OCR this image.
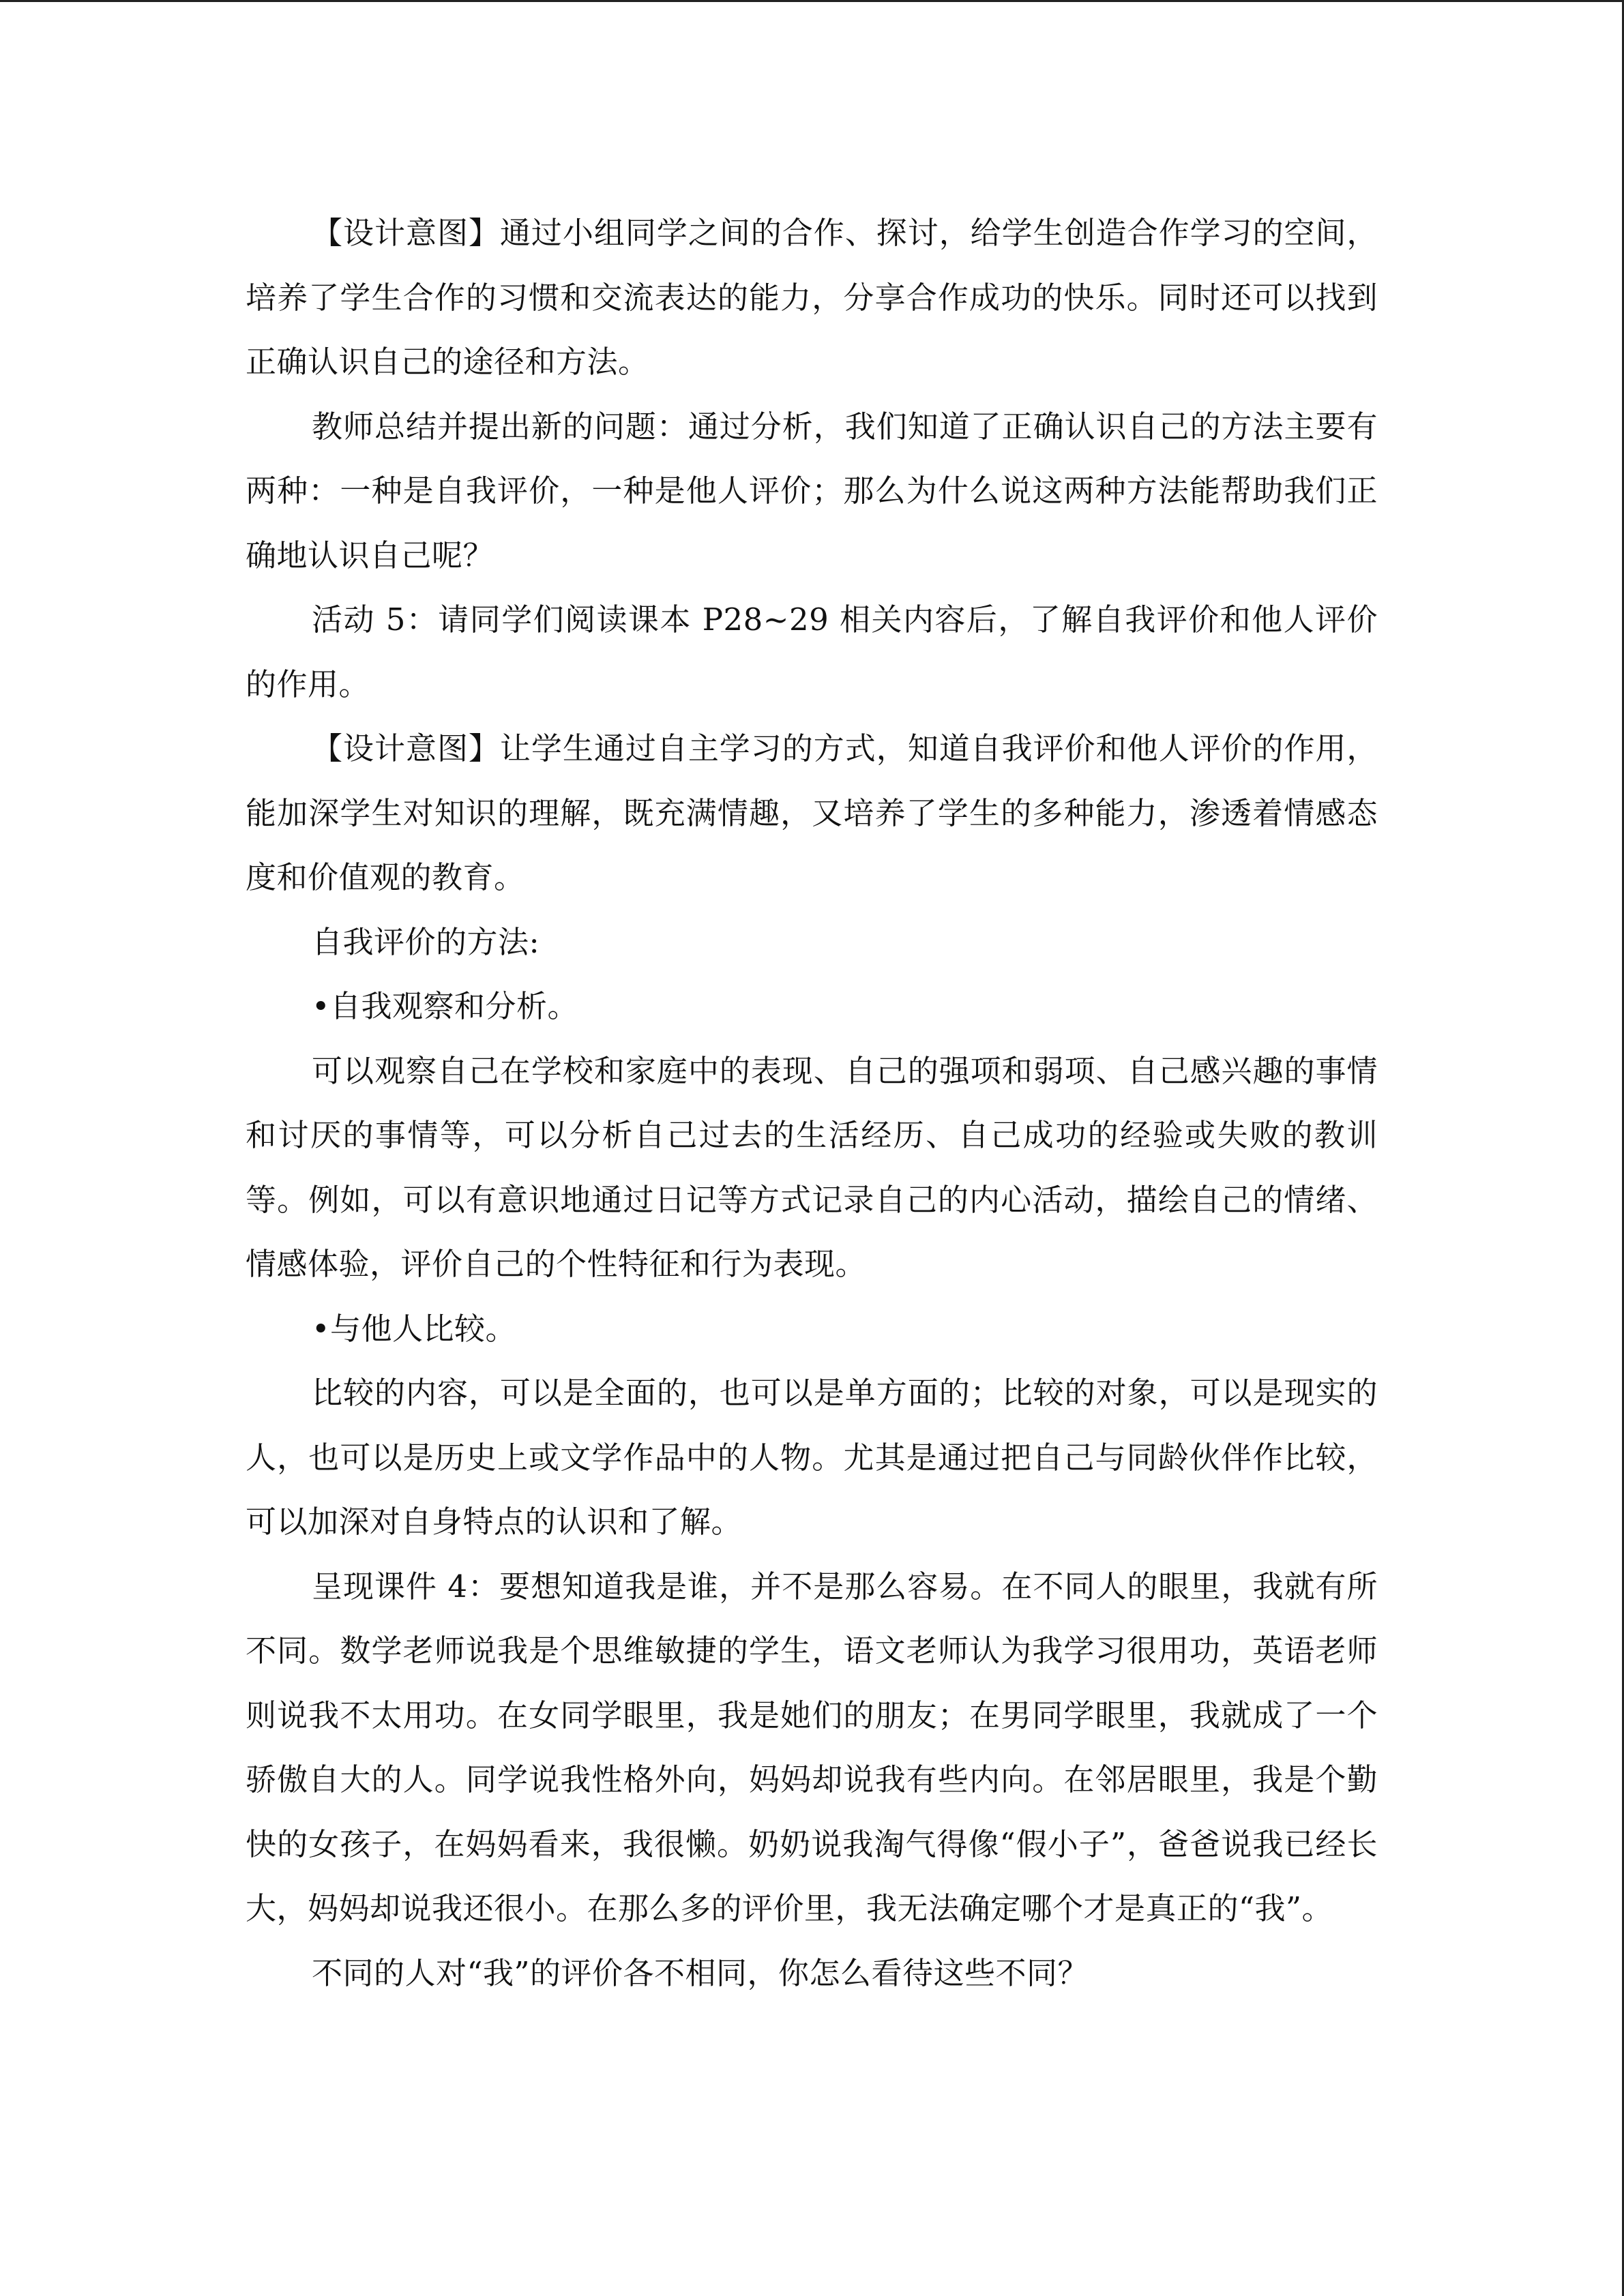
【设计意图】通过小组同学之间的合作、探讨，给学生创造合作学习的空间，培养了学生合作的习惯和交流表达的能力，分享合作成功的快乐。同时还可以找到正确认识自己的途径和方法。

教师总结并提出新的问题：通过分析，我们知道了正确认识自己的方法主要有两种：一种是自我评价，一种是他人评价；那么为什么说这两种方法能帮助我们正确地认识自己呢？

活动 5：请同学们阅读课本 P28~29 相关内容后，了解自我评价和他人评价的作用。

【设计意图】让学生通过自主学习的方式，知道自我评价和他人评价的作用，能加深学生对知识的理解，既充满情趣，又培养了学生的多种能力，渗透着情感态度和价值观的教育。

自我评价的方法:

•自我观察和分析。

可以观察自己在学校和家庭中的表现、自己的强项和弱项、自己感兴趣的事情和讨厌的事情等，可以分析自己过去的生活经历、自己成功的经验或失败的教训等。例如，可以有意识地通过日记等方式记录自己的内心活动，描绘自己的情绪、情感体验，评价自己的个性特征和行为表现。

•与他人比较。

比较的内容，可以是全面的，也可以是单方面的；比较的对象，可以是现实的人，也可以是历史上或文学作品中的人物。尤其是通过把自己与同龄伙伴作比较，可以加深对自身特点的认识和了解。

呈现课件 4：要想知道我是谁，并不是那么容易。在不同人的眼里，我就有所不同。数学老师说我是个思维敏捷的学生，语文老师认为我学习很用功，英语老师则说我不太用功。在女同学眼里，我是她们的朋友；在男同学眼里，我就成了一个骄傲自大的人。同学说我性格外向，妈妈却说我有些内向。在邻居眼里，我是个勤快的女孩子，在妈妈看来，我很懒。奶奶说我淘气得像“假小子”，爸爸说我已经长大，妈妈却说我还很小。在那么多的评价里，我无法确定哪个才是真正的“我”。

不同的人对“我”的评价各不相同，你怎么看待这些不同？
